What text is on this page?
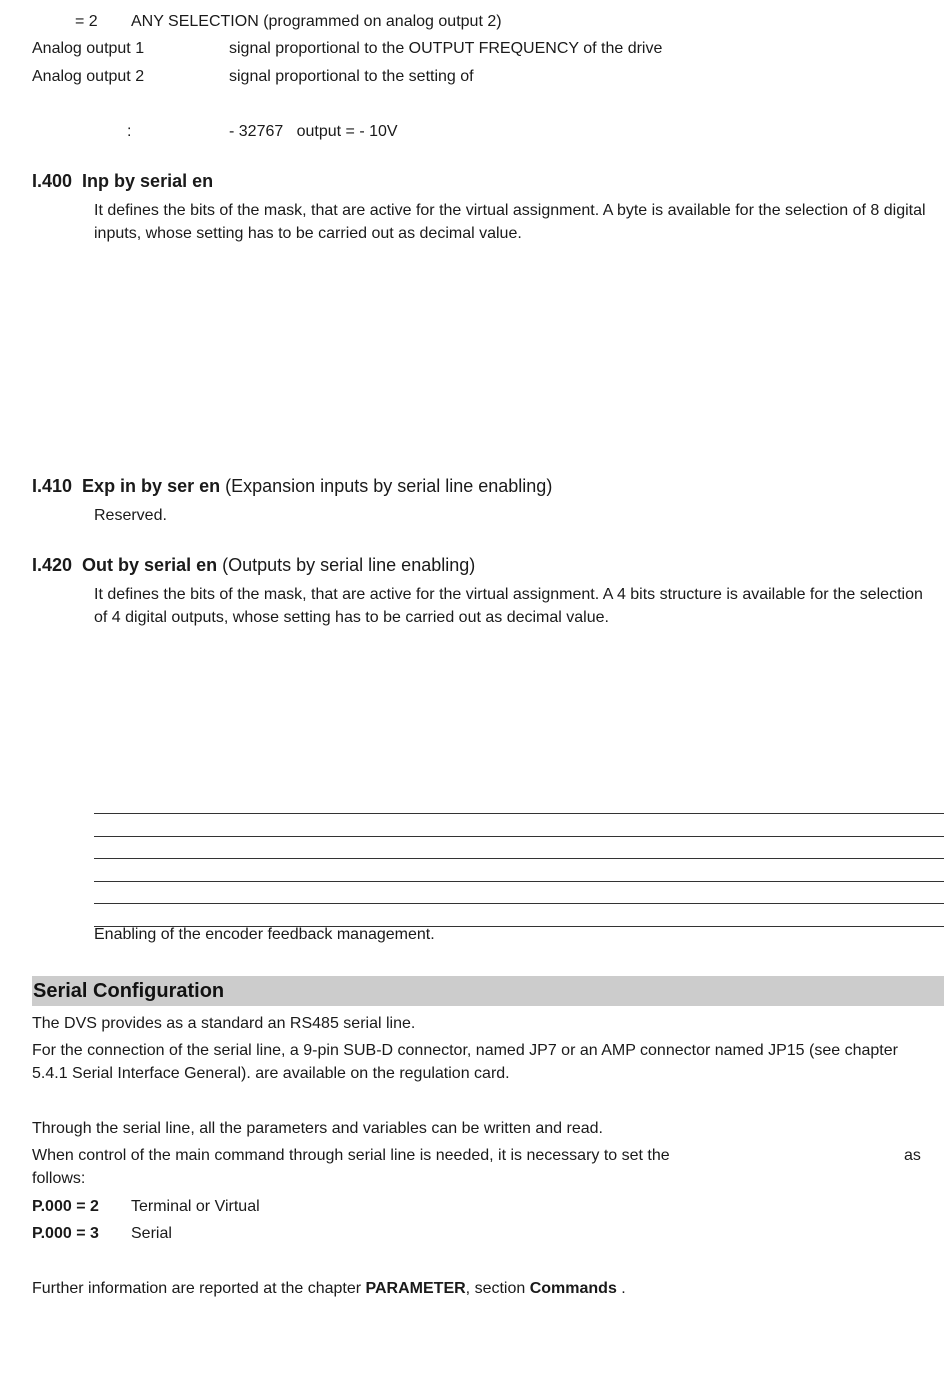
= 2 ANY SELECTION (programmed on analog output 2)
Analog output 1	signal proportional to the OUTPUT FREQUENCY of the drive
Analog output 2	signal proportional to the setting of
:	- 32767   output = - 10V
I.400 Inp by serial en
It defines the bits of the mask, that are active for the virtual assignment. A byte is available for the selection of 8 digital inputs, whose setting has to be carried out as decimal value.
I.410 Exp in by ser en (Expansion inputs by serial line enabling)
Reserved.
I.420 Out by serial en (Outputs by serial line enabling)
It defines the bits of the mask, that are active for the virtual assignment. A 4 bits structure is available for the selection of 4 digital outputs, whose setting has to be carried out as decimal value.
Enabling of the encoder feedback management.
Serial Configuration
The DVS provides as a standard an RS485 serial line.
For the connection of the serial line, a 9-pin SUB-D connector, named JP7 or an AMP connector named JP15 (see chapter 5.4.1 Serial Interface General). are available on the regulation card.
Through the serial line, all the parameters and variables can be written and read.
When control of the main command through serial line is needed, it is necessary to set the	as
follows:
P.000 = 2 Terminal or Virtual
P.000 = 3 Serial
Further information are reported at the chapter PARAMETER, section Commands .
